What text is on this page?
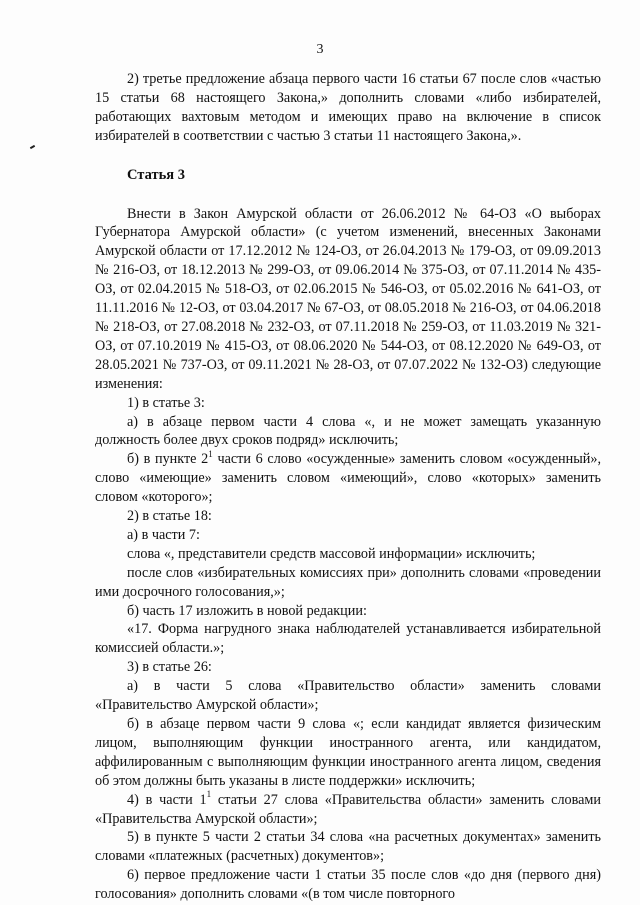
3

2) третье предложение абзаца первого части 16 статьи 67 после слов «частью 15 статьи 68 настоящего Закона,» дополнить словами «либо избирателей, работающих вахтовым методом и имеющих право на включение в список избирателей в соответствии с частью 3 статьи 11 настоящего Закона,».

Статья 3

Внести в Закон Амурской области от 26.06.2012 № 64-ОЗ «О выборах Губернатора Амурской области» (с учетом изменений, внесенных Законами Амурской области от 17.12.2012 № 124-ОЗ, от 26.04.2013 № 179-ОЗ, от 09.09.2013 № 216-ОЗ, от 18.12.2013 № 299-ОЗ, от 09.06.2014 № 375-ОЗ, от 07.11.2014 № 435-ОЗ, от 02.04.2015 № 518-ОЗ, от 02.06.2015 № 546-ОЗ, от 05.02.2016 № 641-ОЗ, от 11.11.2016 № 12-ОЗ, от 03.04.2017 № 67-ОЗ, от 08.05.2018 № 216-ОЗ, от 04.06.2018 № 218-ОЗ, от 27.08.2018 № 232-ОЗ, от 07.11.2018 № 259-ОЗ, от 11.03.2019 № 321-ОЗ, от 07.10.2019 № 415-ОЗ, от 08.06.2020 № 544-ОЗ, от 08.12.2020 № 649-ОЗ, от 28.05.2021 № 737-ОЗ, от 09.11.2021 № 28-ОЗ, от 07.07.2022 № 132-ОЗ) следующие изменения:

1) в статье 3:

а) в абзаце первом части 4 слова «, и не может замещать указанную должность более двух сроков подряд» исключить;

б) в пункте $2^1$ части 6 слово «осужденные» заменить словом «осужденный», слово «имеющие» заменить словом «имеющий», слово «которых» заменить словом «которого»;

2) в статье 18:

а) в части 7:

слова «, представители средств массовой информации» исключить;

после слов «избирательных комиссиях при» дополнить словами «проведении ими досрочного голосования,»;

б) часть 17 изложить в новой редакции:

«17. Форма нагрудного знака наблюдателей устанавливается избирательной комиссией области.»;

3) в статье 26:

а) в части 5 слова «Правительство области» заменить словами «Правительство Амурской области»;

б) в абзаце первом части 9 слова «; если кандидат является физическим лицом, выполняющим функции иностранного агента, или кандидатом, аффилированным с выполняющим функции иностранного агента лицом, сведения об этом должны быть указаны в листе поддержки» исключить;

4) в части $1^1$ статьи 27 слова «Правительства области» заменить словами «Правительства Амурской области»;

5) в пункте 5 части 2 статьи 34 слова «на расчетных документах» заменить словами «платежных (расчетных) документов»;

6) первое предложение части 1 статьи 35 после слов «до дня (первого дня) голосования» дополнить словами «(в том числе повторного
